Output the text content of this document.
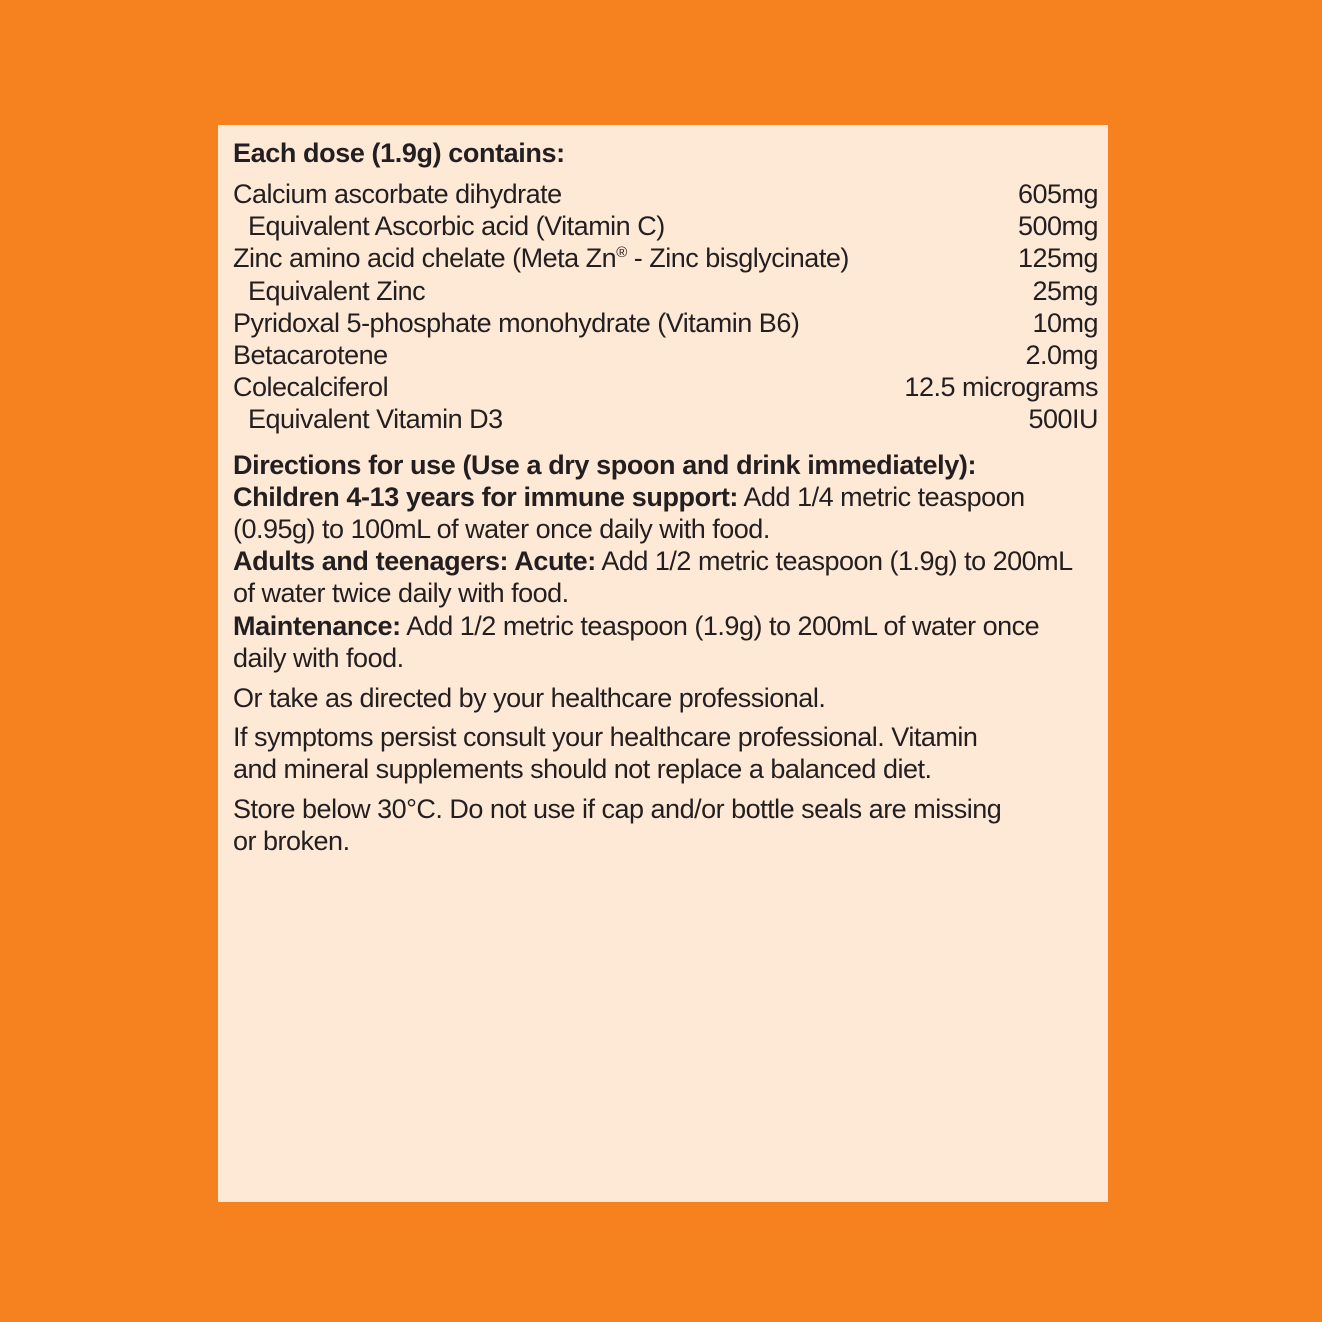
Each dose (1.9g) contains:
Calcium ascorbate dihydrate	605mg
Equivalent Ascorbic acid (Vitamin C)	500mg
Zinc amino acid chelate (Meta Zn® - Zinc bisglycinate)	125mg
Equivalent Zinc	25mg
Pyridoxal 5-phosphate monohydrate (Vitamin B6)	10mg
Betacarotene	2.0mg
Colecalciferol	12.5 micrograms
Equivalent Vitamin D3	500IU
Directions for use (Use a dry spoon and drink immediately):

Children 4-13 years for immune support: Add 1/4 metric teaspoon (0.95g) to 100mL of water once daily with food.

Adults and teenagers: Acute: Add 1/2 metric teaspoon (1.9g) to 200mL of water twice daily with food.

Maintenance: Add 1/2 metric teaspoon (1.9g) to 200mL of water once daily with food.

Or take as directed by your healthcare professional.

If symptoms persist consult your healthcare professional. Vitamin and mineral supplements should not replace a balanced diet.

Store below 30°C. Do not use if cap and/or bottle seals are missing or broken.
